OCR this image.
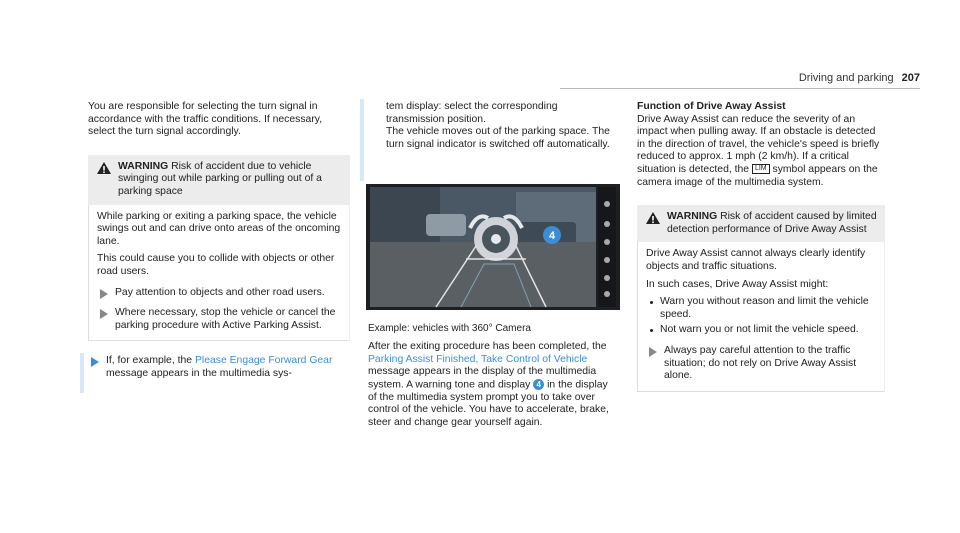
Driving and parking 207

You are responsible for selecting the turn signal in accordance with the traffic conditions. If necessary, select the turn signal accordingly.

WARNING Risk of accident due to vehicle swinging out while parking or pulling out of a parking space

While parking or exiting a parking space, the vehicle swings out and can drive onto areas of the oncoming lane.

This could cause you to collide with objects or other road users.

Pay attention to objects and other road users.
Where necessary, stop the vehicle or cancel the parking procedure with Active Parking Assist.
If, for example, the Please Engage Forward Gear message appears in the multimedia sys-

tem display: select the corresponding transmission position.

The vehicle moves out of the parking space. The turn signal indicator is switched off automatically.

4

Example: vehicles with 360° Camera

After the exiting procedure has been completed, the Parking Assist Finished, Take Control of Vehicle message appears in the display of the multimedia system. A warning tone and display 4 in the display of the multimedia system prompt you to take over control of the vehicle. You have to accelerate, brake, steer and change gear yourself again.

Function of Drive Away Assist

Drive Away Assist can reduce the severity of an impact when pulling away. If an obstacle is detected in the direction of travel, the vehicle's speed is briefly reduced to approx. 1 mph (2 km/h). If a critical situation is detected, the LIM symbol appears on the camera image of the multimedia system.

WARNING Risk of accident caused by limited detection performance of Drive Away Assist

Drive Away Assist cannot always clearly identify objects and traffic situations.

In such cases, Drive Away Assist might:

Warn you without reason and limit the vehicle speed.
Not warn you or not limit the vehicle speed.
Always pay careful attention to the traffic situation; do not rely on Drive Away Assist alone.
